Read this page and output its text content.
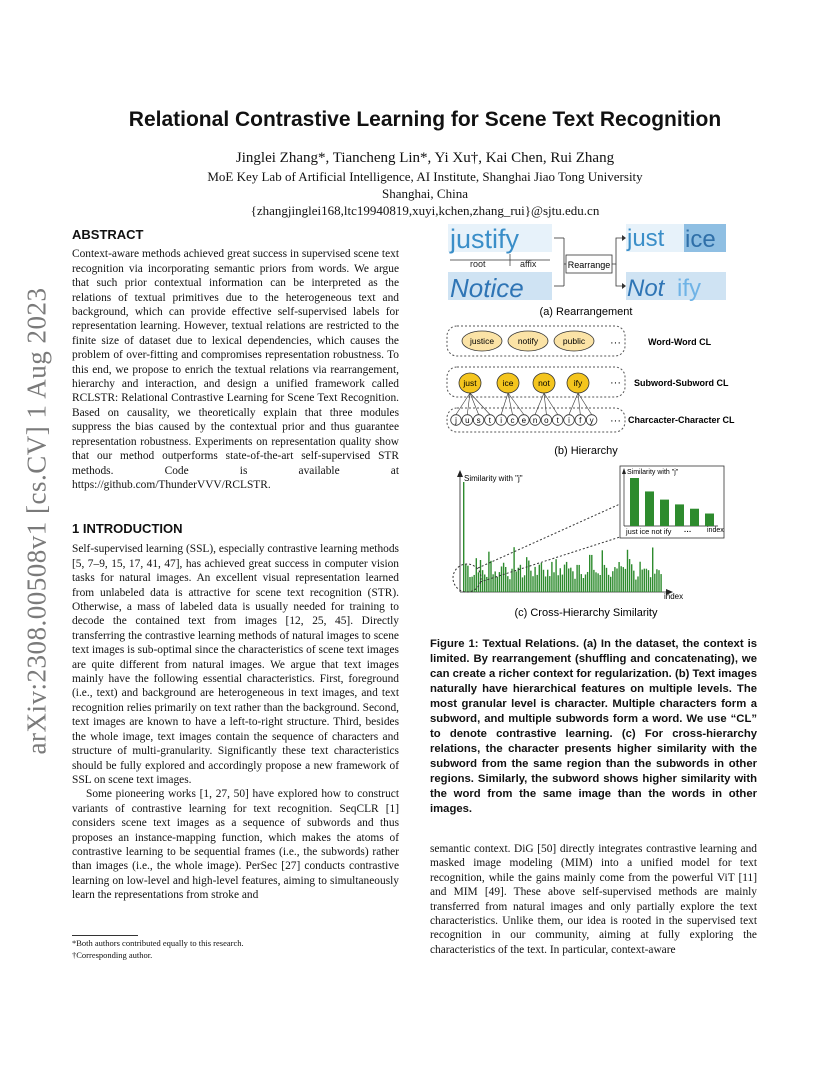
arXiv:2308.00508v1 [cs.CV] 1 Aug 2023
Relational Contrastive Learning for Scene Text Recognition
Jinglei Zhang*, Tiancheng Lin*, Yi Xu†, Kai Chen, Rui Zhang
MoE Key Lab of Artificial Intelligence, AI Institute, Shanghai Jiao Tong University
Shanghai, China
{zhangjinglei168,ltc19940819,xuyi,kchen,zhang_rui}@sjtu.edu.cn
ABSTRACT

Context-aware methods achieved great success in supervised scene text recognition via incorporating semantic priors from words. We argue that such prior contextual information can be interpreted as the relations of textual primitives due to the heterogeneous text and background, which can provide effective self-supervised labels for representation learning. However, textual relations are restricted to the finite size of dataset due to lexical dependencies, which causes the problem of over-fitting and compromises representation robustness. To this end, we propose to enrich the textual relations via rearrangement, hierarchy and interaction, and design a unified framework called RCLSTR: Relational Contrastive Learning for Scene Text Recognition. Based on causality, we theoretically explain that three modules suppress the bias caused by the contextual prior and thus guarantee representation robustness. Experiments on representation quality show that our method outperforms state-of-the-art self-supervised STR methods. Code is available at https://github.com/ThunderVVV/RCLSTR.

1 INTRODUCTION

Self-supervised learning (SSL), especially contrastive learning methods [5, 7–9, 15, 17, 41, 47], has achieved great success in computer vision tasks for natural images. An excellent visual representation learned from unlabeled data is attractive for scene text recognition (STR). Otherwise, a mass of labeled data is usually needed for training to decode the contained text from images [12, 25, 45]. Directly transferring the contrastive learning methods of natural images to scene text images is sub-optimal since the characteristics of scene text images are quite different from natural images. We argue that text images mainly have the following essential characteristics. First, foreground (i.e., text) and background are heterogeneous in text images, and text recognition relies primarily on text rather than the background. Second, text images are known to have a left-to-right structure. Third, besides the whole image, text images contain the sequence of characters and structure of multi-granularity. Significantly these text characteristics should be fully explored and accordingly propose a new framework of SSL on scene text images.

Some pioneering works [1, 27, 50] have explored how to construct variants of contrastive learning for text recognition. SeqCLR [1] considers scene text images as a sequence of subwords and thus proposes an instance-mapping function, which makes the atoms of contrastive learning to be sequential frames (i.e., the subwords) rather than images (i.e., the whole image). PerSec [27] conducts contrastive learning on low-level and high-level features, aiming to simultaneously learn the representations from stroke and

*Both authors contributed equally to this research.
†Corresponding author.
justify
Notice
root	affix	Rearrange
just ice
Not ify
(a) Rearrangement
justice	notify	public
just	ice	not	ify
j u s t i c e n o t i f y
···
···
···
Word-Word CL
Subword-Subword CL
Charcacter-Character CL
(b) Hierarchy
Similarity with "j"
index
Similarity with "j"
just ice not ify ··· index
(c) Cross-Hierarchy Similarity
Figure 1: Textual Relations. (a) In the dataset, the context is limited. By rearrangement (shuffling and concatenating), we can create a richer context for regularization. (b) Text images naturally have hierarchical features on multiple levels. The most granular level is character. Multiple characters form a subword, and multiple subwords form a word. We use “CL” to denote contrastive learning. (c) For cross-hierarchy relations, the character presents higher similarity with the subword from the same region than the subwords in other regions. Similarly, the subword shows higher similarity with the word from the same image than the words in other images.

semantic context. DiG [50] directly integrates contrastive learning and masked image modeling (MIM) into a unified model for text recognition, while the gains mainly come from the powerful ViT [11] and MIM [49]. These above self-supervised methods are mainly transferred from natural images and only partially explore the text characteristics. Unlike them, our idea is rooted in the supervised text recognition in our community, aiming at fully exploring the characteristics of the text. In particular, context-aware
